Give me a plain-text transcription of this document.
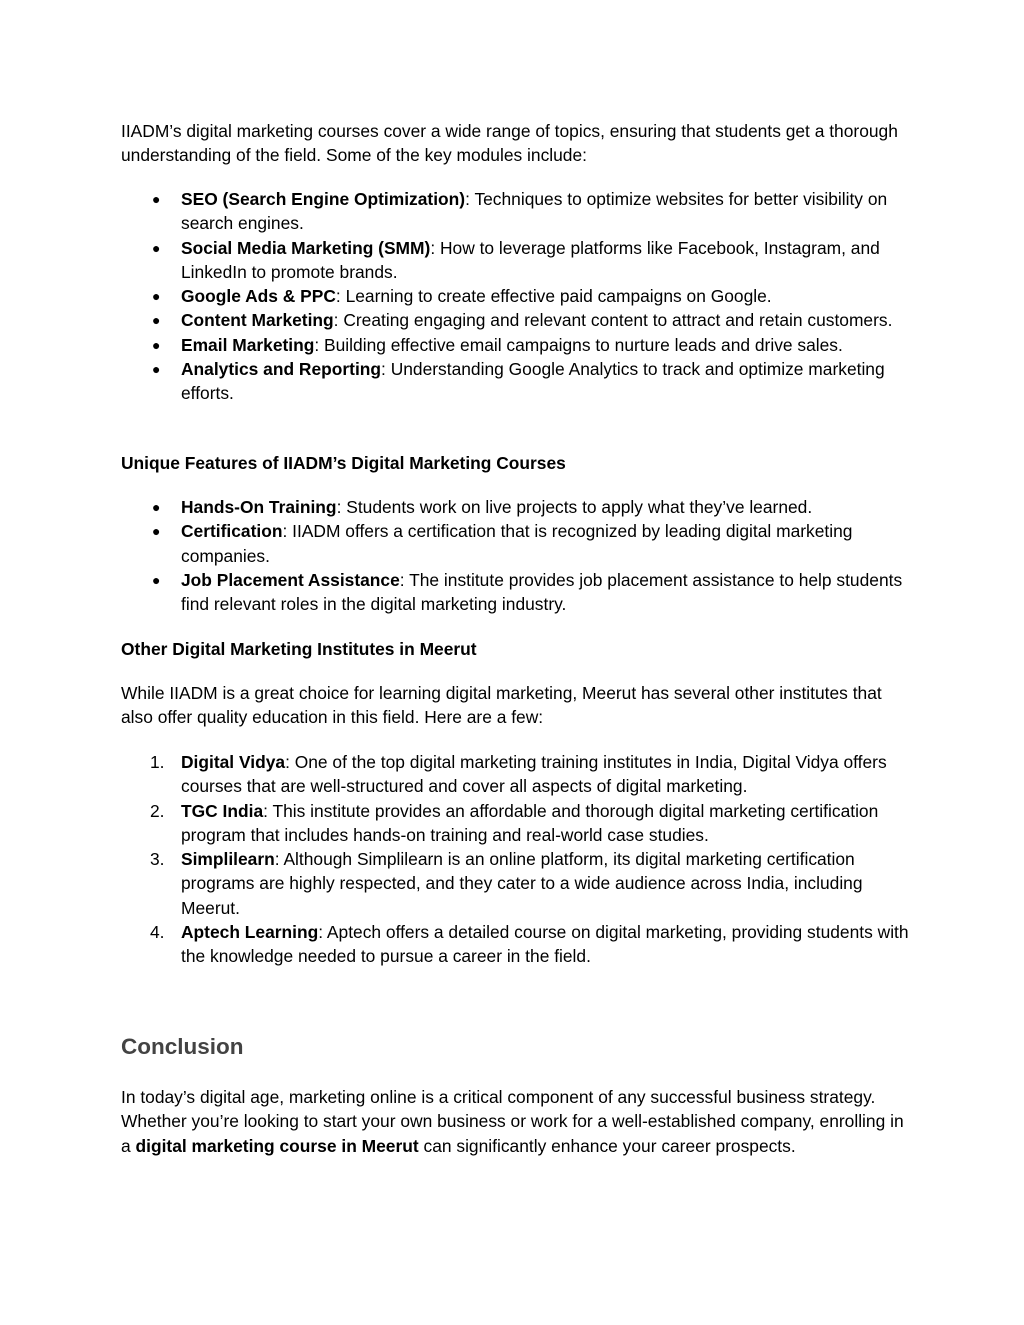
IIADM’s digital marketing courses cover a wide range of topics, ensuring that students get a thorough understanding of the field. Some of the key modules include:

● SEO (Search Engine Optimization): Techniques to optimize websites for better visibility on search engines.
● Social Media Marketing (SMM): How to leverage platforms like Facebook, Instagram, and LinkedIn to promote brands.
● Google Ads & PPC: Learning to create effective paid campaigns on Google.
● Content Marketing: Creating engaging and relevant content to attract and retain customers.
● Email Marketing: Building effective email campaigns to nurture leads and drive sales.
● Analytics and Reporting: Understanding Google Analytics to track and optimize marketing efforts.
Unique Features of IIADM’s Digital Marketing Courses
● Hands-On Training: Students work on live projects to apply what they’ve learned.
● Certification: IIADM offers a certification that is recognized by leading digital marketing companies.
● Job Placement Assistance: The institute provides job placement assistance to help students find relevant roles in the digital marketing industry.
Other Digital Marketing Institutes in Meerut

While IIADM is a great choice for learning digital marketing, Meerut has several other institutes that also offer quality education in this field. Here are a few:

1. Digital Vidya: One of the top digital marketing training institutes in India, Digital Vidya offers courses that are well-structured and cover all aspects of digital marketing.
2. TGC India: This institute provides an affordable and thorough digital marketing certification program that includes hands-on training and real-world case studies.
3. Simplilearn: Although Simplilearn is an online platform, its digital marketing certification programs are highly respected, and they cater to a wide audience across India, including Meerut.
4. Aptech Learning: Aptech offers a detailed course on digital marketing, providing students with the knowledge needed to pursue a career in the field.
Conclusion

In today’s digital age, marketing online is a critical component of any successful business strategy. Whether you’re looking to start your own business or work for a well-established company, enrolling in a digital marketing course in Meerut can significantly enhance your career prospects.
